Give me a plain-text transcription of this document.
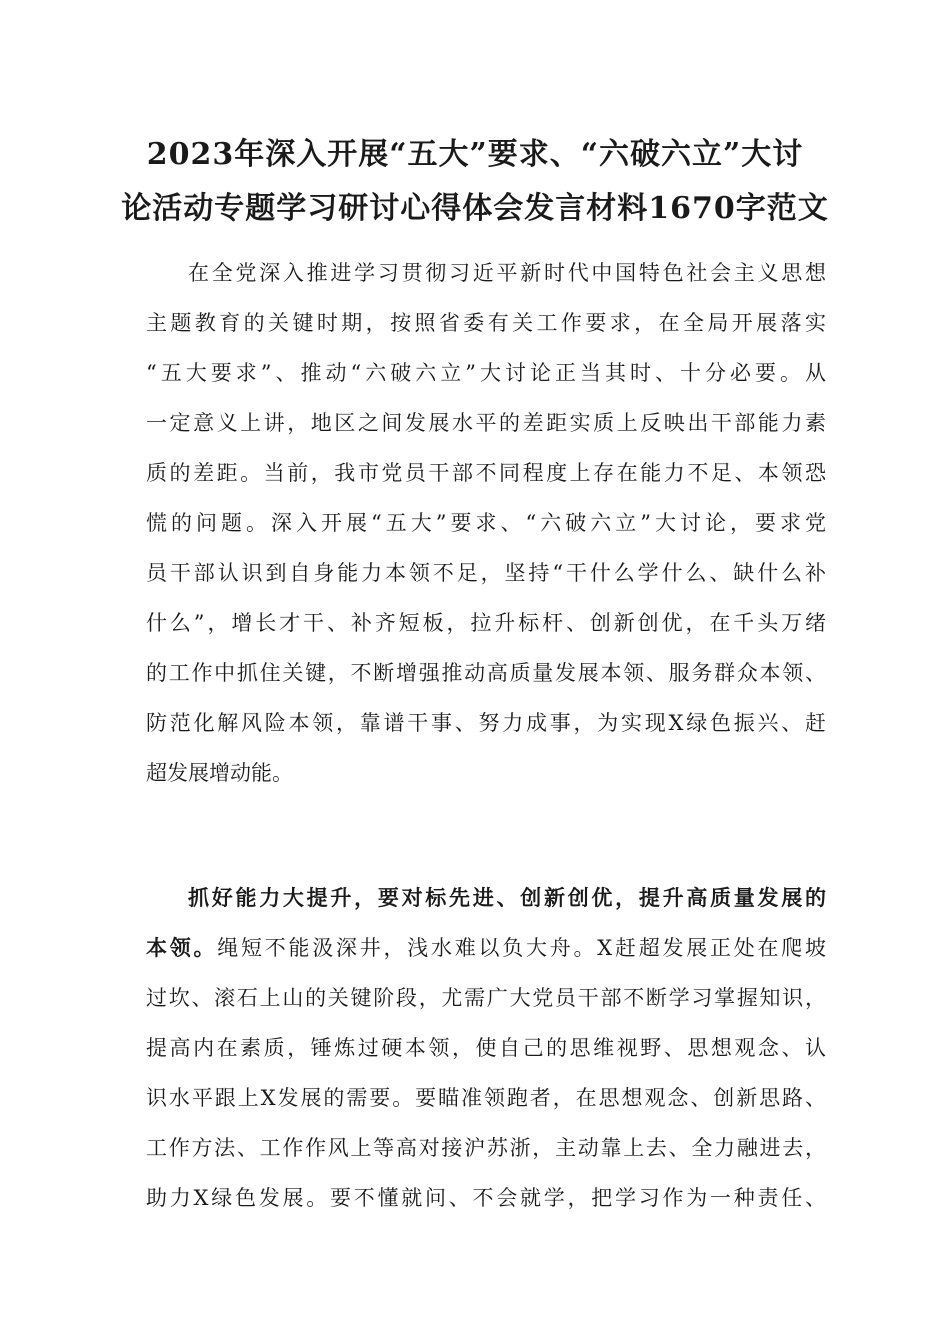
2023年深入开展“五大”要求、“六破六立”大讨
论活动专题学习研讨心得体会发言材料1670字范文
在全党深入推进学习贯彻习近平新时代中国特色社会主义思想
主题教育的关键时期，按照省委有关工作要求，在全局开展落实
“五大要求”、推动“六破六立”大讨论正当其时、十分必要。从
一定意义上讲，地区之间发展水平的差距实质上反映出干部能力素
质的差距。当前，我市党员干部不同程度上存在能力不足、本领恐
慌的问题。深入开展“五大”要求、“六破六立”大讨论，要求党
员干部认识到自身能力本领不足，坚持“干什么学什么、缺什么补
什么”，增长才干、补齐短板，拉升标杆、创新创优，在千头万绪
的工作中抓住关键，不断增强推动高质量发展本领、服务群众本领、
防范化解风险本领，靠谱干事、努力成事，为实现X绿色振兴、赶
超发展增动能。
抓好能力大提升，要对标先进、创新创优，提升高质量发展的
本领。绳短不能汲深井，浅水难以负大舟。X赶超发展正处在爬坡
过坎、滚石上山的关键阶段，尤需广大党员干部不断学习掌握知识，
提高内在素质，锤炼过硬本领，使自己的思维视野、思想观念、认
识水平跟上X发展的需要。要瞄准领跑者，在思想观念、创新思路、
工作方法、工作作风上等高对接沪苏浙，主动靠上去、全力融进去，
助力X绿色发展。要不懂就问、不会就学，把学习作为一种责任、
